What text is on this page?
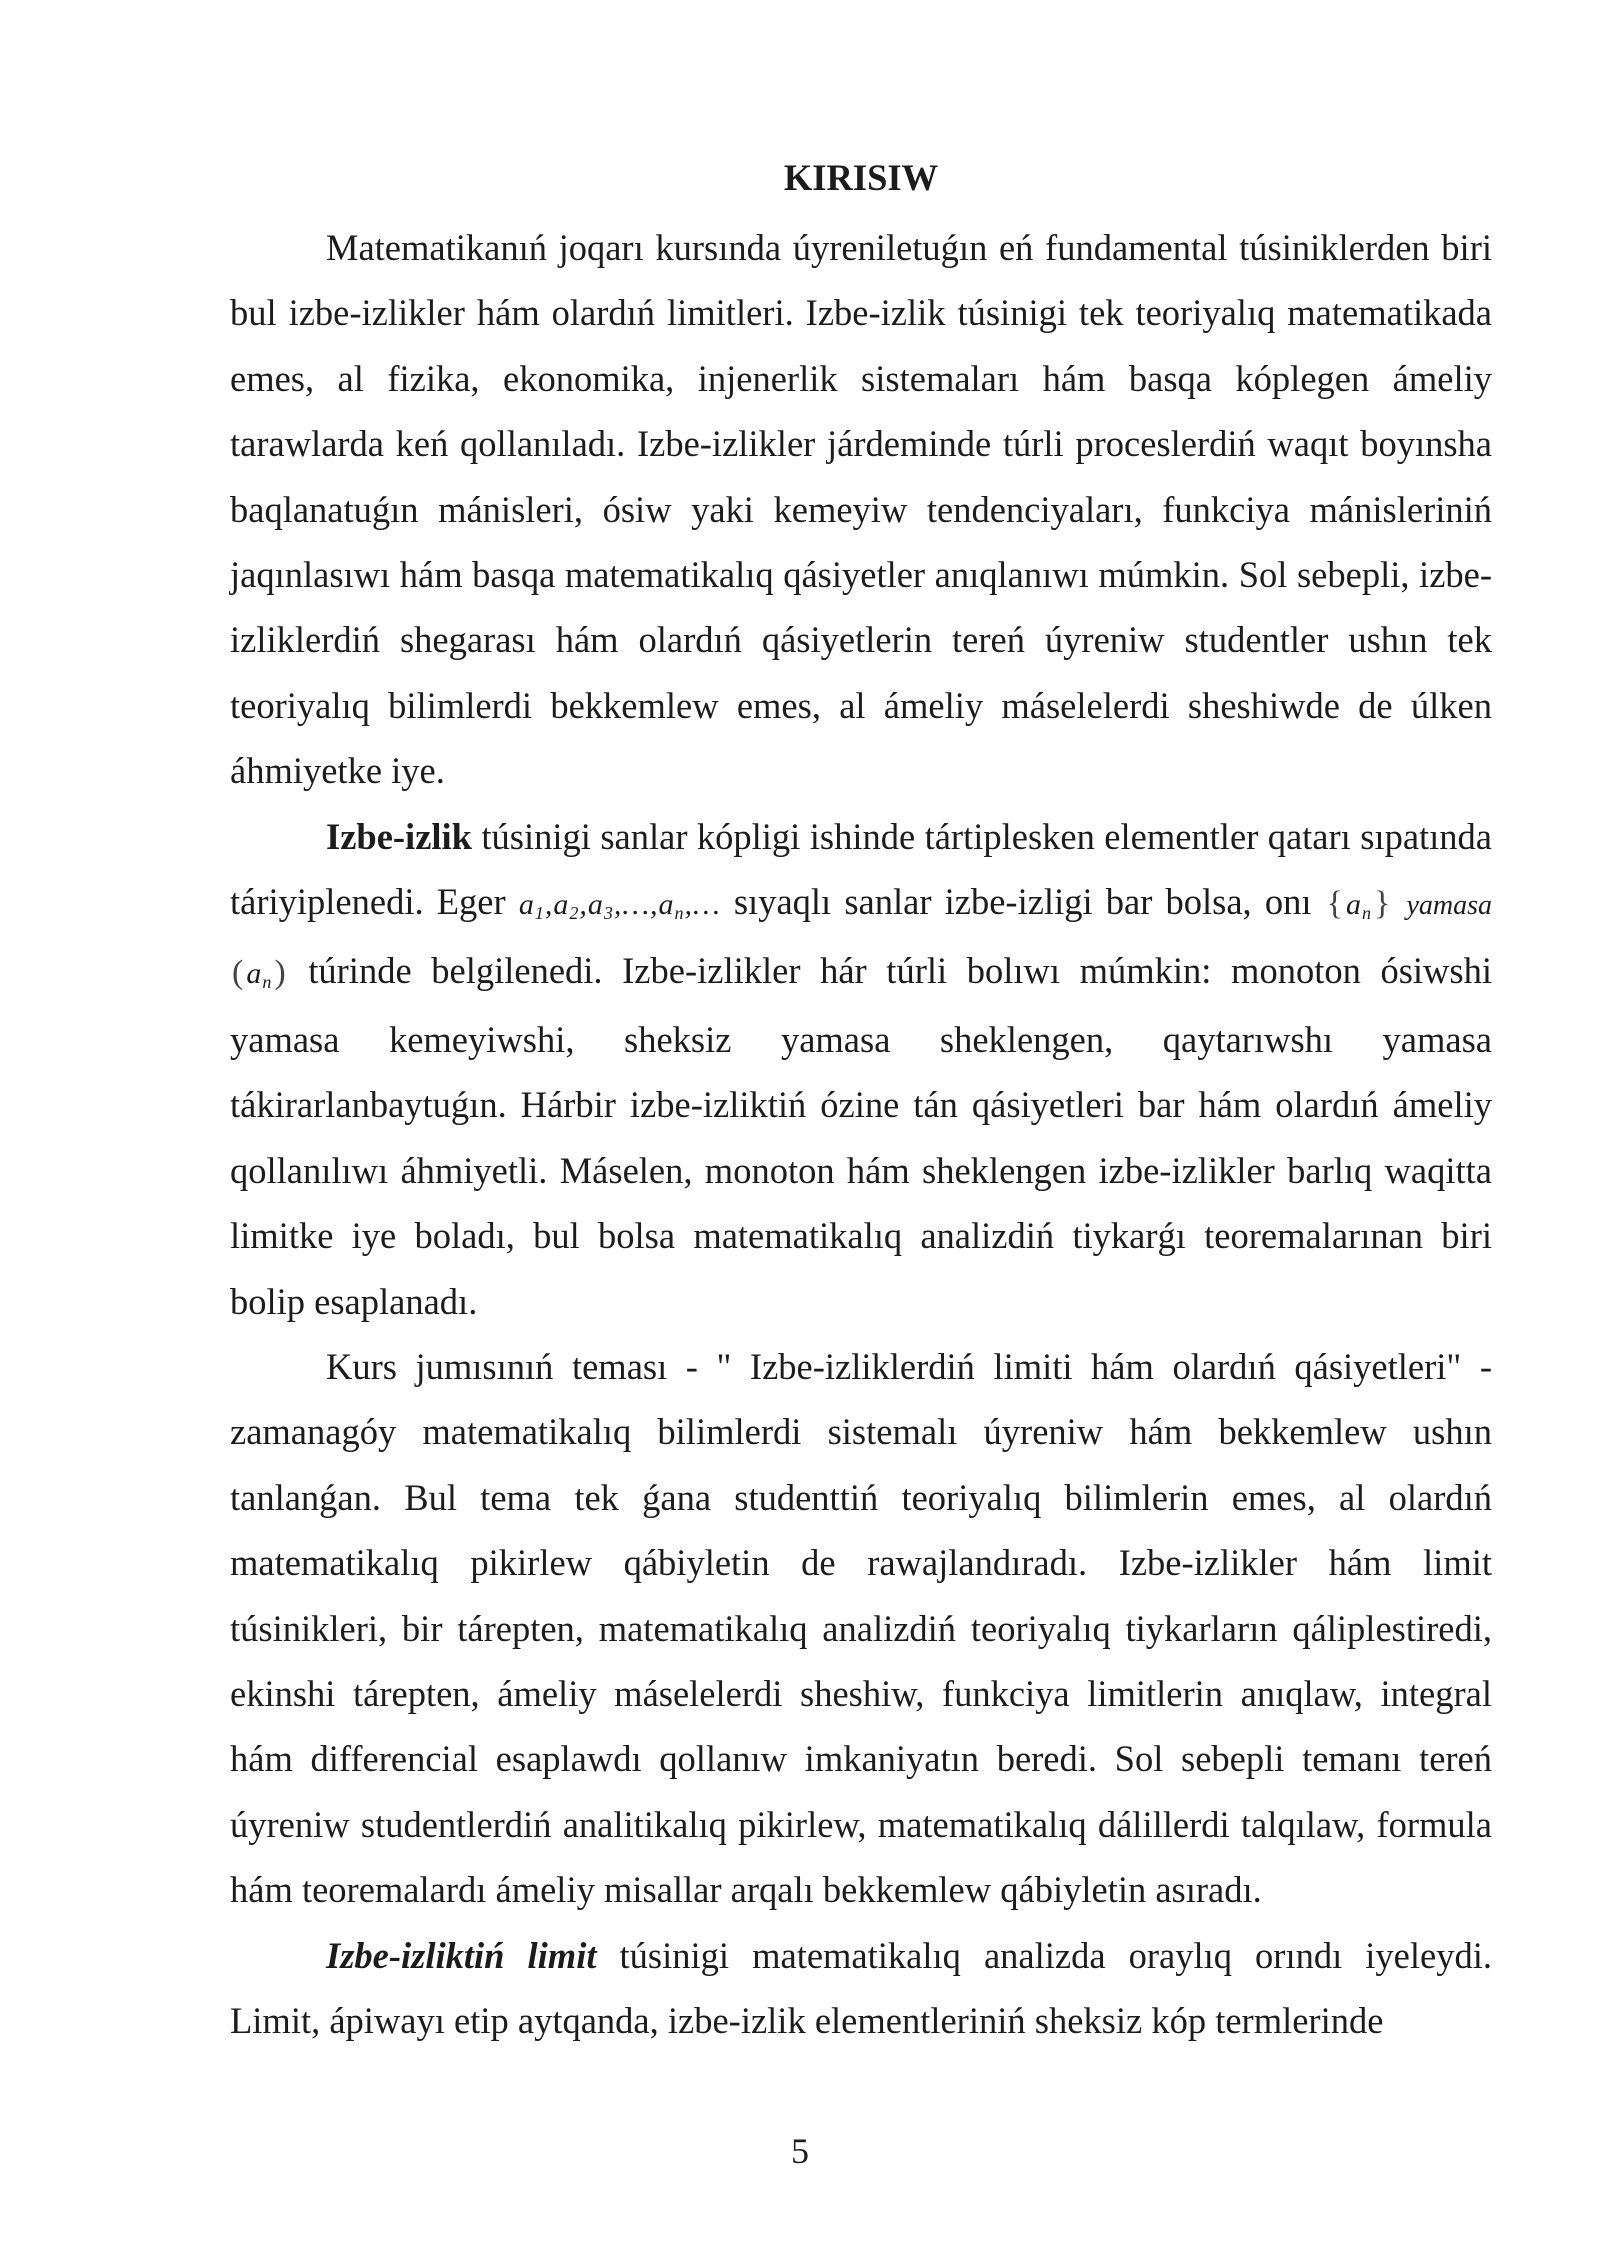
KIRISIW

Matematikanıń joqarı kursında úyreniletuǵın eń fundamental túsiniklerden biri bul izbe-izlikler hám olardıń limitleri. Izbe-izlik túsinigi tek teoriyalıq matematikada emes, al fizika, ekonomika, injenerlik sistemaları hám basqa kóplegen ámeliy tarawlarda keń qollanıladı. Izbe-izlikler járdeminde túrli proceslerdiń waqıt boyınsha baqlanatuǵın mánisleri, ósiw yaki kemeyiw tendenciyaları, funkciya mánisleriniń jaqınlasıwı hám basqa matematikalıq qásiyetler anıqlanıwı múmkin. Sol sebepli, izbe-izliklerdiń shegarası hám olardıń qásiyetlerin tereń úyreniw studentler ushın tek teoriyalıq bilimlerdi bekkemlew emes, al ámeliy máselelerdi sheshiwde de úlken áhmiyetke iye.

Izbe-izlik túsinigi sanlar kópligi ishinde tártiplesken elementler qatarı sıpatında táriyiplenedi. Eger $a_1,a_2,a_3,\dots,a_n,\dots$ sıyaqlı sanlar izbe-izligi bar bolsa, onı $\{a_n\}$ yamasa $(a_n)$ túrinde belgilenedi. Izbe-izlikler hár túrli bolıwı múmkin: monoton ósiwshi yamasa kemeyiwshi, sheksiz yamasa sheklengen, qaytarıwshı yamasa tákirarlanbaytuǵın. Hárbir izbe-izliktiń ózine tán qásiyetleri bar hám olardıń ámeliy qollanılıwı áhmiyetli. Máselen, monoton hám sheklengen izbe-izlikler barlıq waqitta limitke iye boladı, bul bolsa matematikalıq analizdiń tiykarǵı teoremalarınan biri bolip esaplanadı.

Kurs jumısınıń teması - " Izbe-izliklerdiń limiti hám olardıń qásiyetleri" - zamanagóy matematikalıq bilimlerdi sistemalı úyreniw hám bekkemlew ushın tanlanǵan. Bul tema tek ǵana studenttiń teoriyalıq bilimlerin emes, al olardıń matematikalıq pikirlew qábiyletin de rawajlandıradı. Izbe-izlikler hám limit túsinikleri, bir tárepten, matematikalıq analizdiń teoriyalıq tiykarların qáliplestiredi, ekinshi tárepten, ámeliy máselelerdi sheshiw, funkciya limitlerin anıqlaw, integral hám differencial esaplawdı qollanıw imkaniyatın beredi. Sol sebepli temanı tereń úyreniw studentlerdiń analitikalıq pikirlew, matematikalıq dálillerdi talqılaw, formula hám teoremalardı ámeliy misallar arqalı bekkemlew qábiyletin asıradı.

Izbe-izliktiń limit túsinigi matematikalıq analizda oraylıq orındı iyeleydi. Limit, ápiwayı etip aytqanda, izbe-izlik elementleriniń sheksiz kóp termlerinde

5
